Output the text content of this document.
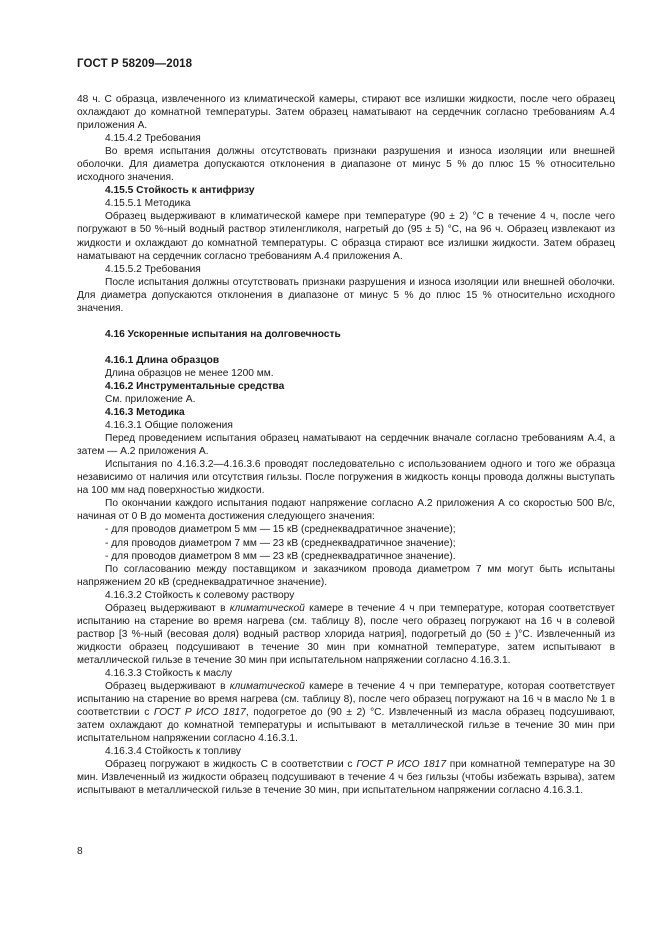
ГОСТ Р 58209—2018

48 ч. С образца, извлеченного из климатической камеры, стирают все излишки жидкости, после чего образец охлаждают до комнатной температуры. Затем образец наматывают на сердечник согласно требованиям А.4 приложения А.

4.15.4.2 Требования

Во время испытания должны отсутствовать признаки разрушения и износа изоляции или внешней оболочки. Для диаметра допускаются отклонения в диапазоне от минус 5 % до плюс 15 % относительно исходного значения.

4.15.5 Стойкость к антифризу

4.15.5.1 Методика

Образец выдерживают в климатической камере при температуре (90 ± 2) °С в течение 4 ч, после чего погружают в 50 %-ный водный раствор этиленгликоля, нагретый до (95 ± 5) °С, на 96 ч. Образец извлекают из жидкости и охлаждают до комнатной температуры. С образца стирают все излишки жидкости. Затем образец наматывают на сердечник согласно требованиям А.4 приложения А.

4.15.5.2 Требования

После испытания должны отсутствовать признаки разрушения и износа изоляции или внешней оболочки. Для диаметра допускаются отклонения в диапазоне от минус 5 % до плюс 15 % относительно исходного значения.

4.16 Ускоренные испытания на долговечность

4.16.1 Длина образцов

Длина образцов не менее 1200 мм.

4.16.2 Инструментальные средства

См. приложение А.

4.16.3 Методика

4.16.3.1 Общие положения

Перед проведением испытания образец наматывают на сердечник вначале согласно требованиям А.4, а затем — А.2 приложения А.

Испытания по 4.16.3.2—4.16.3.6 проводят последовательно с использованием одного и того же образца независимо от наличия или отсутствия гильзы. После погружения в жидкость концы провода должны выступать на 100 мм над поверхностью жидкости.

По окончании каждого испытания подают напряжение согласно А.2 приложения А со скоростью 500 В/с, начиная от 0 В до момента достижения следующего значения:

- для проводов диаметром 5 мм — 15 кВ (среднеквадратичное значение);

- для проводов диаметром 7 мм — 23 кВ (среднеквадратичное значение);

- для проводов диаметром 8 мм — 23 кВ (среднеквадратичное значение).

По согласованию между поставщиком и заказчиком провода диаметром 7 мм могут быть испытаны напряжением 20 кВ (среднеквадратичное значение).

4.16.3.2 Стойкость к солевому раствору

Образец выдерживают в климатической камере в течение 4 ч при температуре, которая соответствует испытанию на старение во время нагрева (см. таблицу 8), после чего образец погружают на 16 ч в солевой раствор [3 %-ный (весовая доля) водный раствор хлорида натрия], подогретый до (50 ± )°С. Извлеченный из жидкости образец подсушивают в течение 30 мин при комнатной температуре, затем испытывают в металлической гильзе в течение 30 мин при испытательном напряжении согласно 4.16.3.1.

4.16.3.3 Стойкость к маслу

Образец выдерживают в климатической камере в течение 4 ч при температуре, которая соответствует испытанию на старение во время нагрева (см. таблицу 8), после чего образец погружают на 16 ч в масло № 1 в соответствии с ГОСТ Р ИСО 1817, подогретое до (90 ± 2) °С. Извлеченный из масла образец подсушивают, затем охлаждают до комнатной температуры и испытывают в металлической гильзе в течение 30 мин при испытательном напряжении согласно 4.16.3.1.

4.16.3.4 Стойкость к топливу

Образец погружают в жидкость С в соответствии с ГОСТ Р ИСО 1817 при комнатной температуре на 30 мин. Извлеченный из жидкости образец подсушивают в течение 4 ч без гильзы (чтобы избежать взрыва), затем испытывают в металлической гильзе в течение 30 мин, при испытательном напряжении согласно 4.16.3.1.

8
